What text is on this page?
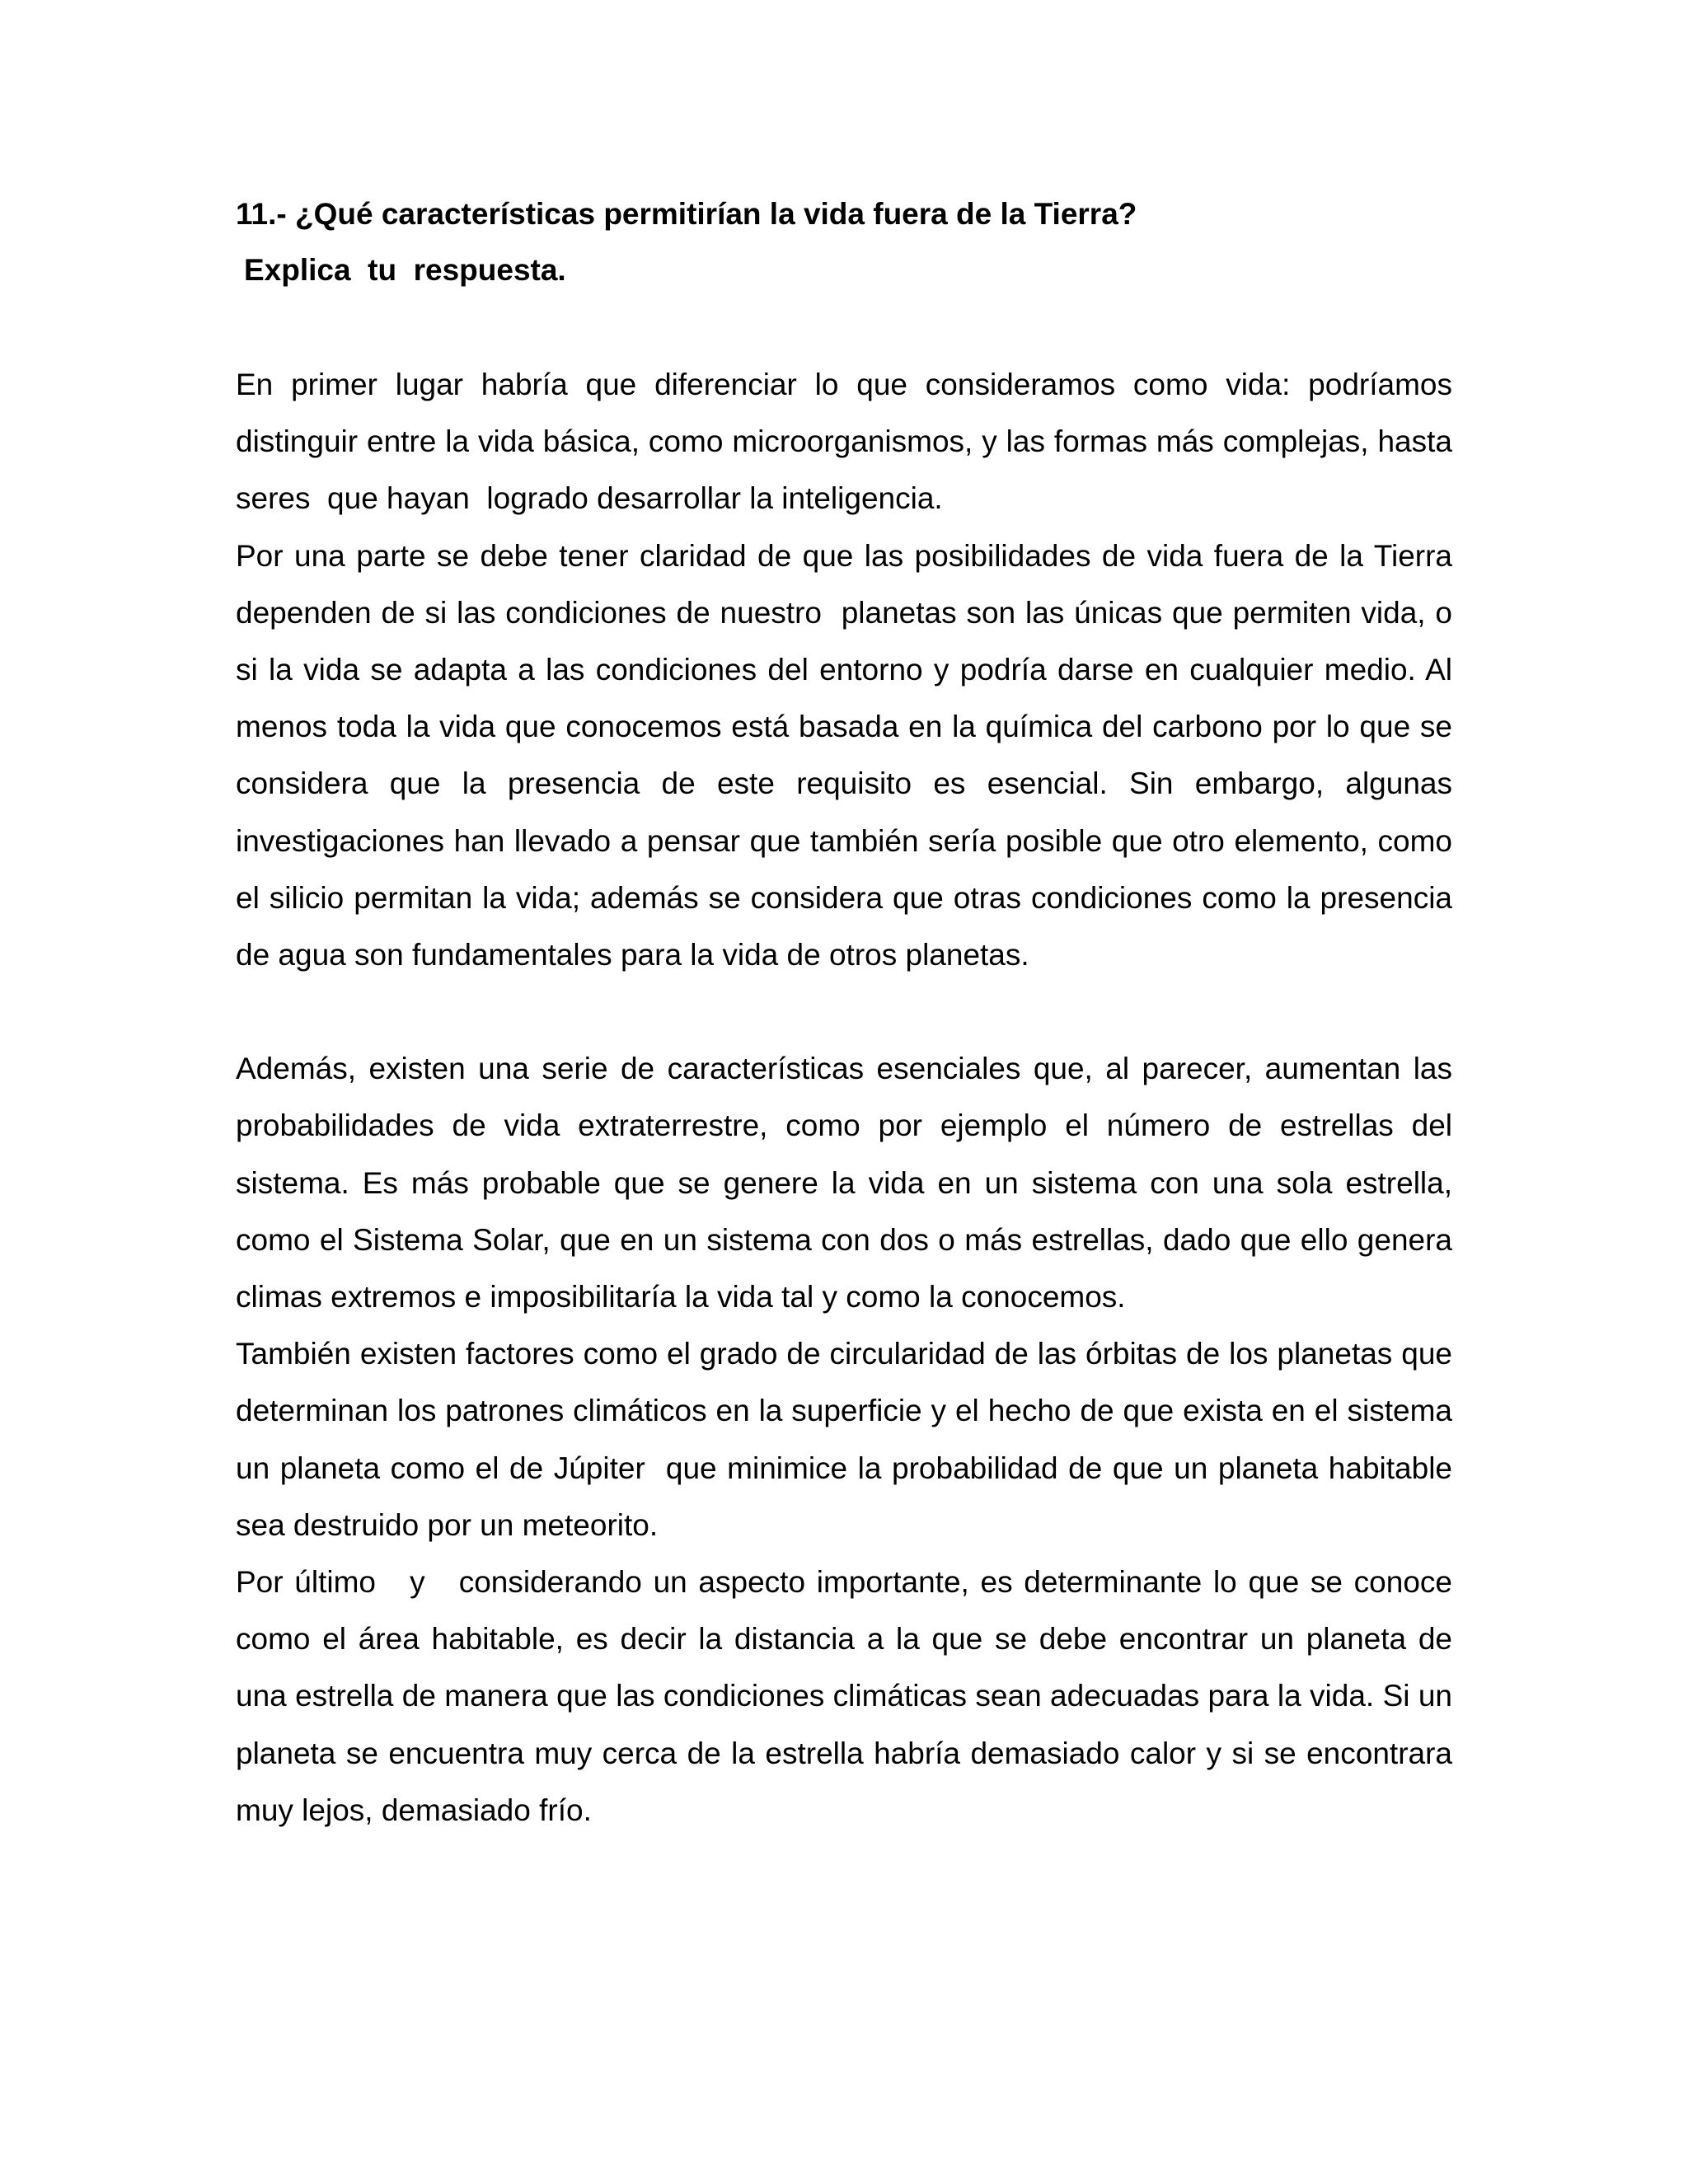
11.- ¿Qué características permitirían la vida fuera de la Tierra?
Explica  tu  respuesta.

En primer lugar habría que diferenciar lo que consideramos como vida: podríamos distinguir entre la vida básica, como microorganismos, y las formas más complejas, hasta seres  que hayan  logrado desarrollar la inteligencia.

Por una parte se debe tener claridad de que las posibilidades de vida fuera de la Tierra dependen de si las condiciones de nuestro  planetas son las únicas que permiten vida, o si la vida se adapta a las condiciones del entorno y podría darse en cualquier medio. Al menos toda la vida que conocemos está basada en la química del carbono por lo que se considera que la presencia de este requisito es esencial. Sin embargo, algunas investigaciones han llevado a pensar que también sería posible que otro elemento, como el silicio permitan la vida; además se considera que otras condiciones como la presencia de agua son fundamentales para la vida de otros planetas.

Además, existen una serie de características esenciales que, al parecer, aumentan las probabilidades de vida extraterrestre, como por ejemplo el número de estrellas del sistema. Es más probable que se genere la vida en un sistema con una sola estrella, como el Sistema Solar, que en un sistema con dos o más estrellas, dado que ello genera  climas extremos e imposibilitaría la vida tal y como la conocemos.

También existen factores como el grado de circularidad de las órbitas de los planetas que determinan los patrones climáticos en la superficie y el hecho de que exista en el sistema un planeta como el de Júpiter  que minimice la probabilidad de que un planeta habitable sea destruido por un meteorito.

Por último   y   considerando un aspecto importante, es determinante lo que se conoce como el área habitable, es decir la distancia a la que se debe encontrar un planeta de una estrella de manera que las condiciones climáticas sean adecuadas para la vida. Si un planeta se encuentra muy cerca de la estrella habría demasiado calor y si se encontrara muy lejos, demasiado frío.
